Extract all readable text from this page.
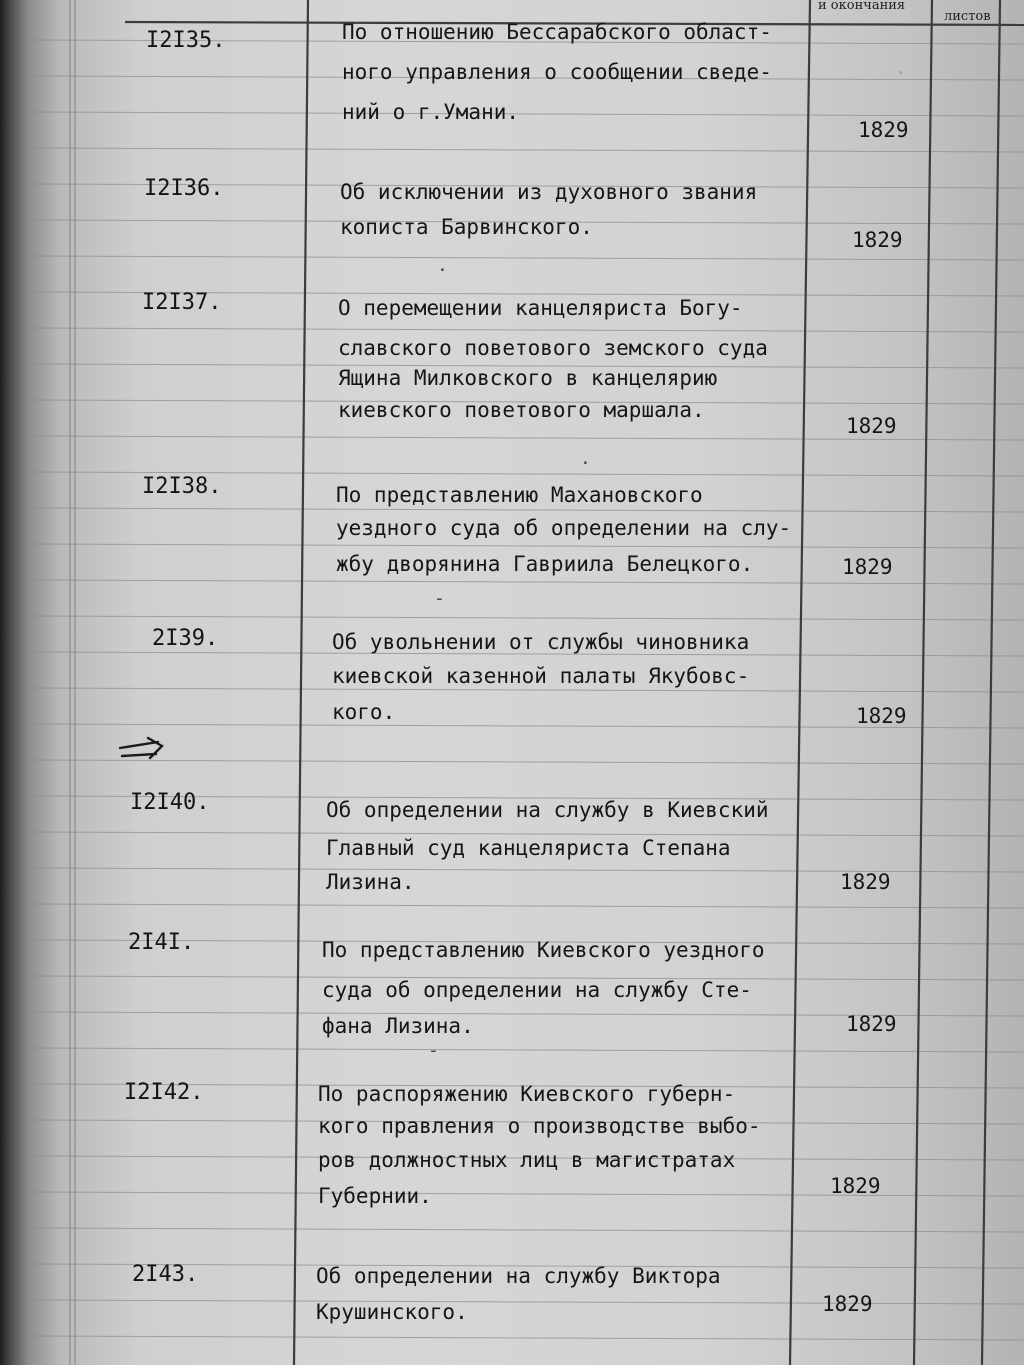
·
и окончания
листов
I2I35.	По отношению Бессарабского област-
ного управления о сообщении сведе-
ний о г.Умани.
1829
I2I36.	Об исключении из духовного звания
кописта Барвинского.
1829
.
I2I37.	О перемещении канцеляриста Богу-
славского поветового земского суда
Ящина Милковского в канцелярию
киевского поветового маршала.
1829
.
I2I38.	По представлению Махановского
уездного суда об определении на слу-
жбу дворянина Гавриила Белецкого.	1829
-
2I39.	Об увольнении от службы чиновника
киевской казенной палаты Якубовс-
кого.	1829
I2I40.	Об определении на службу в Киевский
Главный суд канцеляриста Степана
Лизина.	1829
2I4I.	По представлению Киевского уездного
суда об определении на службу Сте-
фана Лизина.	1829
-
I2I42.	По распоряжению Киевского губерн-
кого правления о производстве выбо-
ров должностных лиц в магистратах
Губернии.	1829
2I43.	Об определении на службу Виктора
Крушинского.	1829
